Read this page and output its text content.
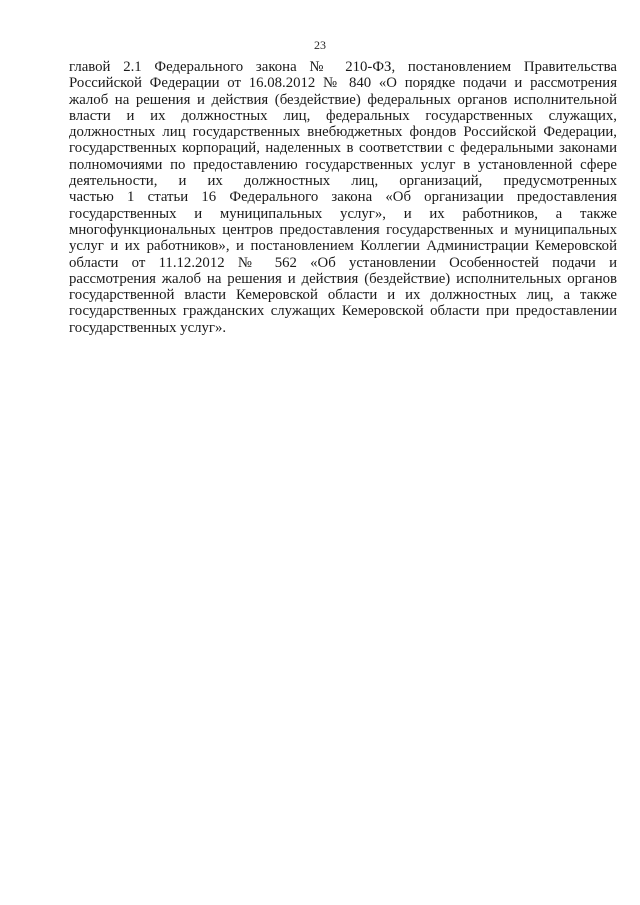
23

главой 2.1 Федерального закона № 210-ФЗ, постановлением Правительства
Российской Федерации от 16.08.2012 № 840 «О порядке подачи и рассмотрения
жалоб на решения и действия (бездействие) федеральных органов исполнительной
власти и их должностных лиц, федеральных государственных служащих,
должностных лиц государственных внебюджетных фондов Российской Федерации,
государственных корпораций, наделенных в соответствии с федеральными законами
полномочиями по предоставлению государственных услуг в установленной сфере
деятельности, и их должностных лиц, организаций, предусмотренных
частью 1 статьи 16 Федерального закона «Об организации предоставления
государственных и муниципальных услуг», и их работников, а также
многофункциональных центров предоставления государственных и муниципальных
услуг и их работников», и постановлением Коллегии Администрации Кемеровской
области от 11.12.2012 № 562 «Об установлении Особенностей подачи и
рассмотрения жалоб на решения и действия (бездействие) исполнительных органов
государственной власти Кемеровской области и их должностных лиц, а также
государственных гражданских служащих Кемеровской области при предоставлении
государственных услуг».
